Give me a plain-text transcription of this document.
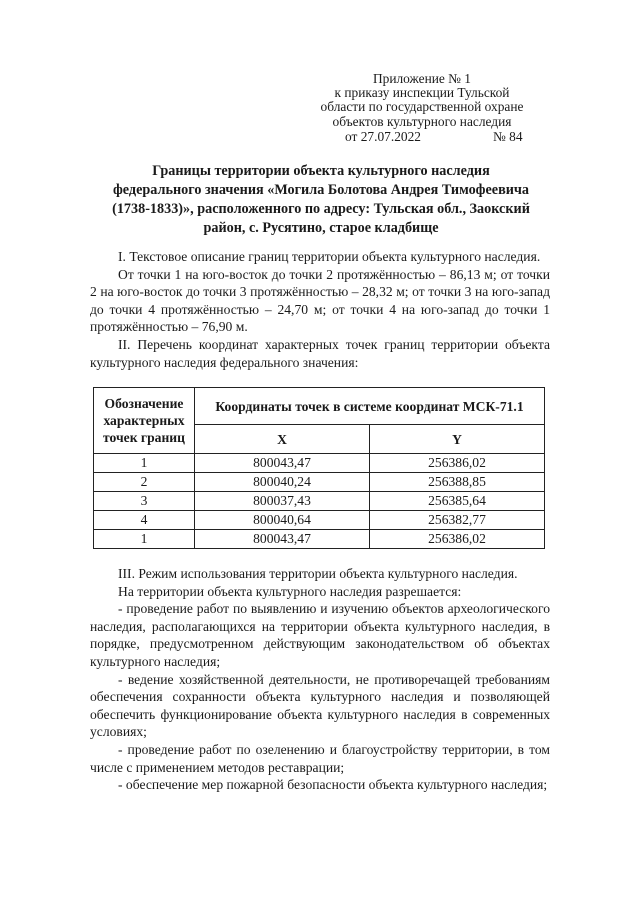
Приложение № 1
к приказу инспекции Тульской
области по государственной охране
объектов культурного наследия
от 27.07.2022	№ 84
Границы территории объекта культурного наследия
федерального значения «Могила Болотова Андрея Тимофеевича
(1738-1833)», расположенного по адресу: Тульская обл., Заокский
район, с. Русятино, старое кладбище

I. Текстовое описание границ территории объекта культурного наследия.

От точки 1 на юго-восток до точки 2 протяжённостью – 86,13 м; от точки 2 на юго-восток до точки 3 протяжённостью – 28,32 м; от точки 3 на юго-запад до точки 4 протяжённостью – 24,70 м; от точки 4 на юго-запад до точки 1 протяжённостью – 76,90 м.

II. Перечень координат характерных точек границ территории объекта культурного наследия федерального значения:

Обозначение характерных точек границ	Координаты точек в системе координат МСК-71.1	
	X	Y
1	800043,47	256386,02
2	800040,24	256388,85
3	800037,43	256385,64
4	800040,64	256382,77
1	800043,47	256386,02

III. Режим использования территории объекта культурного наследия.

На территории объекта культурного наследия разрешается:

- проведение работ по выявлению и изучению объектов археологического наследия, располагающихся на территории объекта культурного наследия, в порядке, предусмотренном действующим законодательством об объектах культурного наследия;

- ведение хозяйственной деятельности, не противоречащей требованиям обеспечения сохранности объекта культурного наследия и позволяющей обеспечить функционирование объекта культурного наследия в современных условиях;

- проведение работ по озеленению и благоустройству территории, в том числе с применением методов реставрации;

- обеспечение мер пожарной безопасности объекта культурного наследия;
